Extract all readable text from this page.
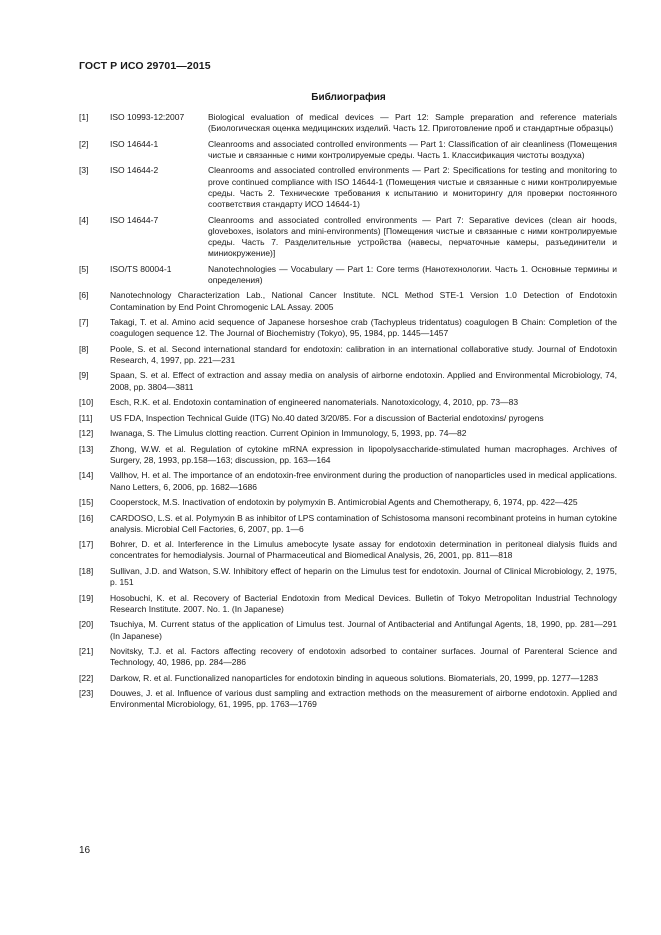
ГОСТ Р ИСО 29701—2015
Библиография
[1]	ISO 10993-12:2007	Biological evaluation of medical devices — Part 12: Sample preparation and reference materials (Биологическая оценка медицинских изделий. Часть 12. Приготовление проб и стандартные образцы)
[2]	ISO 14644-1	Cleanrooms and associated controlled environments — Part 1: Classification of air cleanliness (Помещения чистые и связанные с ними контролируемые среды. Часть 1. Классификация чистоты воздуха)
[3]	ISO 14644-2	Cleanrooms and associated controlled environments — Part 2: Specifications for testing and monitoring to prove continued compliance with ISO 14644-1 (Помещения чистые и связанные с ними контролируемые среды. Часть 2. Технические требования к испытанию и мониторингу для проверки постоянного соответствия стандарту ИСО 14644-1)
[4]	ISO 14644-7	Cleanrooms and associated controlled environments — Part 7: Separative devices (clean air hoods, gloveboxes, isolators and mini-environments) [Помещения чистые и связанные с ними контролируемые среды. Часть 7. Разделительные устройства (навесы, перчаточные камеры, разъединители и миниокружение)]
[5]	ISO/TS 80004-1	Nanotechnologies — Vocabulary — Part 1: Core terms (Нанотехнологии. Часть 1. Основные термины и определения)
[6]	Nanotechnology Characterization Lab., National Cancer Institute. NCL Method STE-1 Version 1.0 Detection of Endotoxin Contamination by End Point Chromogenic LAL Assay. 2005
[7]	Takagi, T. et al. Amino acid sequence of Japanese horseshoe crab (Tachypleus tridentatus) coagulogen B Chain: Completion of the coagulogen sequence 12. The Journal of Biochemistry (Tokyo), 95, 1984, pp. 1445—1457
[8]	Poole, S. et al. Second international standard for endotoxin: calibration in an international collaborative study. Journal of Endotoxin Research, 4, 1997, pp. 221—231
[9]	Spaan, S. et al. Effect of extraction and assay media on analysis of airborne endotoxin. Applied and Environmental Microbiology, 74, 2008, pp. 3804—3811
[10] Esch, R.K. et al. Endotoxin contamination of engineered nanomaterials. Nanotoxicology, 4, 2010, pp. 73—83
[11] US FDA, Inspection Technical Guide (ITG) No.40 dated 3/20/85. For a discussion of Bacterial endotoxins/ pyrogens
[12] Iwanaga, S. The Limulus clotting reaction. Current Opinion in Immunology, 5, 1993, pp. 74—82
[13] Zhong, W.W. et al. Regulation of cytokine mRNA expression in lipopolysaccharide-stimulated human macrophages. Archives of Surgery, 28, 1993, pp.158—163; discussion, pp. 163—164
[14] Vallhov, H. et al. The importance of an endotoxin-free environment during the production of nanoparticles used in medical applications. Nano Letters, 6, 2006, pp. 1682—1686
[15] Cooperstock, M.S. Inactivation of endotoxin by polymyxin B. Antimicrobial Agents and Chemotherapy, 6, 1974, pp. 422—425
[16] CARDOSO, L.S. et al. Polymyxin B as inhibitor of LPS contamination of Schistosoma mansoni recombinant proteins in human cytokine analysis. Microbial Cell Factories, 6, 2007, pp. 1—6
[17] Bohrer, D. et al. Interference in the Limulus amebocyte lysate assay for endotoxin determination in peritoneal dialysis fluids and concentrates for hemodialysis. Journal of Pharmaceutical and Biomedical Analysis, 26, 2001, pp. 811—818
[18] Sullivan, J.D. and Watson, S.W. Inhibitory effect of heparin on the Limulus test for endotoxin. Journal of Clinical Microbiology, 2, 1975, p. 151
[19] Hosobuchi, K. et al. Recovery of Bacterial Endotoxin from Medical Devices. Bulletin of Tokyo Metropolitan Industrial Technology Research Institute. 2007. No. 1. (In Japanese)
[20] Tsuchiya, M. Current status of the application of Limulus test. Journal of Antibacterial and Antifungal Agents, 18, 1990, pp. 281—291 (In Japanese)
[21] Novitsky, T.J. et al. Factors affecting recovery of endotoxin adsorbed to container surfaces. Journal of Parenteral Science and Technology, 40, 1986, pp. 284—286
[22] Darkow, R. et al. Functionalized nanoparticles for endotoxin binding in aqueous solutions. Biomaterials, 20, 1999, pp. 1277—1283
[23] Douwes, J. et al. Influence of various dust sampling and extraction methods on the measurement of airborne endotoxin. Applied and Environmental Microbiology, 61, 1995, pp. 1763—1769
16
